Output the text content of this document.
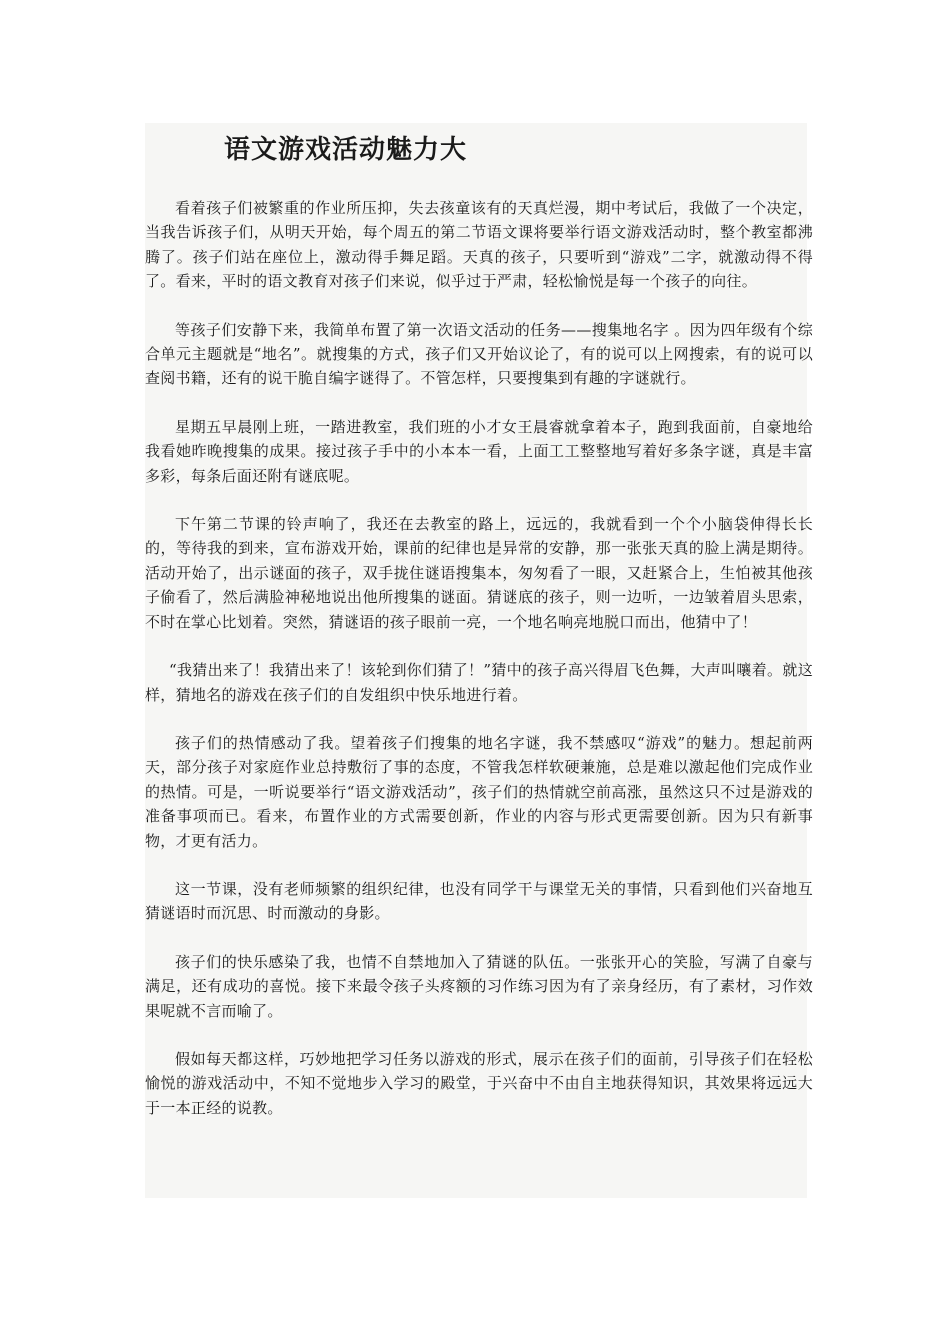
语文游戏活动魅力大

看着孩子们被繁重的作业所压抑，失去孩童该有的天真烂漫，期中考试后，我做了一个决定，当我告诉孩子们，从明天开始，每个周五的第二节语文课将要举行语文游戏活动时，整个教室都沸腾了。孩子们站在座位上，激动得手舞足蹈。天真的孩子，只要听到“游戏”二字，就激动得不得了。看来，平时的语文教育对孩子们来说，似乎过于严肃，轻松愉悦是每一个孩子的向往。

等孩子们安静下来，我简单布置了第一次语文活动的任务——搜集地名字 。因为四年级有个综合单元主题就是“地名”。就搜集的方式，孩子们又开始议论了，有的说可以上网搜索，有的说可以查阅书籍，还有的说干脆自编字谜得了。不管怎样，只要搜集到有趣的字谜就行。

星期五早晨刚上班，一踏进教室，我们班的小才女王晨睿就拿着本子，跑到我面前，自豪地给我看她昨晚搜集的成果。接过孩子手中的小本本一看，上面工工整整地写着好多条字谜，真是丰富多彩，每条后面还附有谜底呢。

下午第二节课的铃声响了，我还在去教室的路上，远远的，我就看到一个个小脑袋伸得长长的，等待我的到来，宣布游戏开始，课前的纪律也是异常的安静，那一张张天真的脸上满是期待。活动开始了，出示谜面的孩子，双手拢住谜语搜集本，匆匆看了一眼，又赶紧合上，生怕被其他孩子偷看了，然后满脸神秘地说出他所搜集的谜面。猜谜底的孩子，则一边听，一边皱着眉头思索，不时在掌心比划着。突然，猜谜语的孩子眼前一亮，一个地名响亮地脱口而出，他猜中了！

“我猜出来了！我猜出来了！该轮到你们猜了！”猜中的孩子高兴得眉飞色舞，大声叫嚷着。就这样，猜地名的游戏在孩子们的自发组织中快乐地进行着。

孩子们的热情感动了我。望着孩子们搜集的地名字谜，我不禁感叹“游戏”的魅力。想起前两天，部分孩子对家庭作业总持敷衍了事的态度，不管我怎样软硬兼施，总是难以激起他们完成作业的热情。可是，一听说要举行“语文游戏活动”，孩子们的热情就空前高涨，虽然这只不过是游戏的准备事项而已。看来，布置作业的方式需要创新，作业的内容与形式更需要创新。因为只有新事物，才更有活力。

这一节课，没有老师频繁的组织纪律，也没有同学干与课堂无关的事情，只看到他们兴奋地互猜谜语时而沉思、时而激动的身影。

孩子们的快乐感染了我，也情不自禁地加入了猜谜的队伍。一张张开心的笑脸，写满了自豪与满足，还有成功的喜悦。接下来最令孩子头疼额的习作练习因为有了亲身经历，有了素材，习作效果呢就不言而喻了。

假如每天都这样，巧妙地把学习任务以游戏的形式，展示在孩子们的面前，引导孩子们在轻松愉悦的游戏活动中，不知不觉地步入学习的殿堂，于兴奋中不由自主地获得知识，其效果将远远大于一本正经的说教。
